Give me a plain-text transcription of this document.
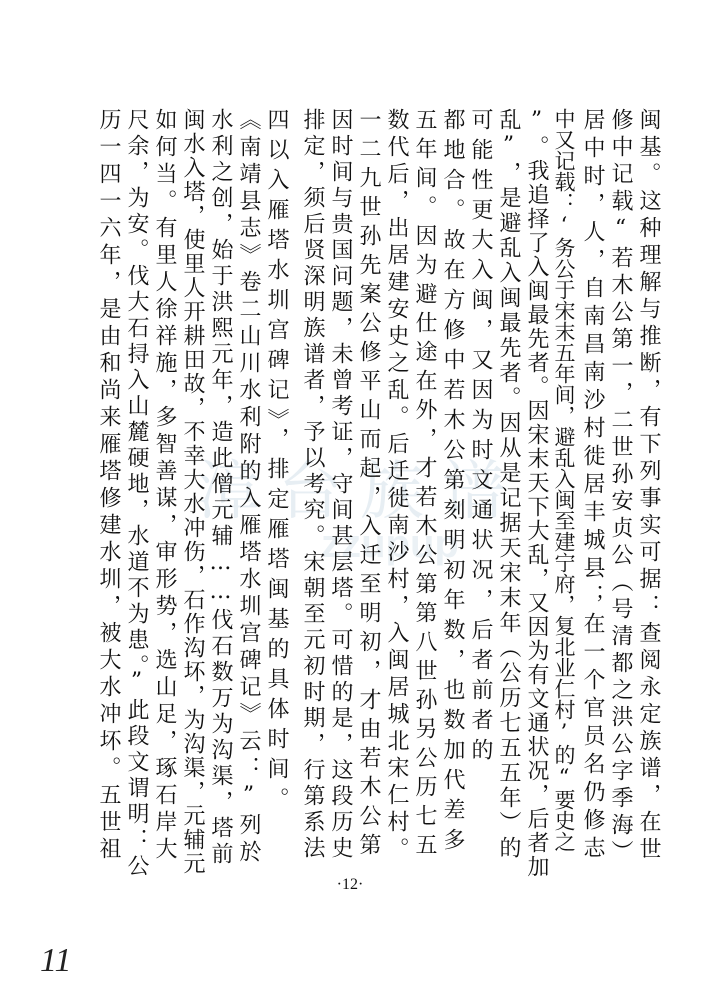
漳台族谱
zzupup	闽基。这种理解与推断，有下列事实可据：查阅永定族谱，在世
修中记载“若木公第一，二世孙安贞公（号清都之洪公字季海）
居中时，人，自南昌南沙村徙居丰城县；在一个官员名仍修志
中又记载：‘务公于宋末五年间，避乱入闽至建宁府，复北业仁村’的“要史之
”。我追择了入闽最先者。因宋末天下大乱，又因为有文通状况，后者加
乱”，是避乱入闽最先者。因从是记据天宋末年（公历七五五年）的
可能性更大入闽，又因为时文通状况，后者前者的
都地合。故在方修中若木公第刻明初年数，也数加代差多
五年间。因为避仕途在外，才若木公第第八世孙另公历七五
数代后，出居建安史之乱。后迁徙南沙村，入闽居城北宋仁村。
一二九世孙先案公修平山而起，入迁至明初，才由若木公第
因时间与贵国问题，未曾考证，守间甚层塔。可惜的是，这段历史
排定，须后贤深明族谱者，予以考究。宋朝至元初时期，行第系法
四以入雁塔水圳宫碑记》，排定雁塔闽基的具体时间。
《南靖县志》卷二山川水利附的入雁塔水圳宫碑记》云：”列於
水利之创，始于洪熙元年，造此僧元辅……伐石数万为沟渠，塔前
闽水入塔，使里人开耕田故，不幸大水冲伤，石作沟坏，为沟渠，元辅元
如何当。有里人徐祥施，多智善谋，审形势，选山足，琢石岸大
尺余，为安。伐大石挦入山麓硬地，水道不为患。”此段文谓明：公
历一四一六年，是由和尚来雁塔修建水圳，被大水冲坏。五世祖
·12·
11
